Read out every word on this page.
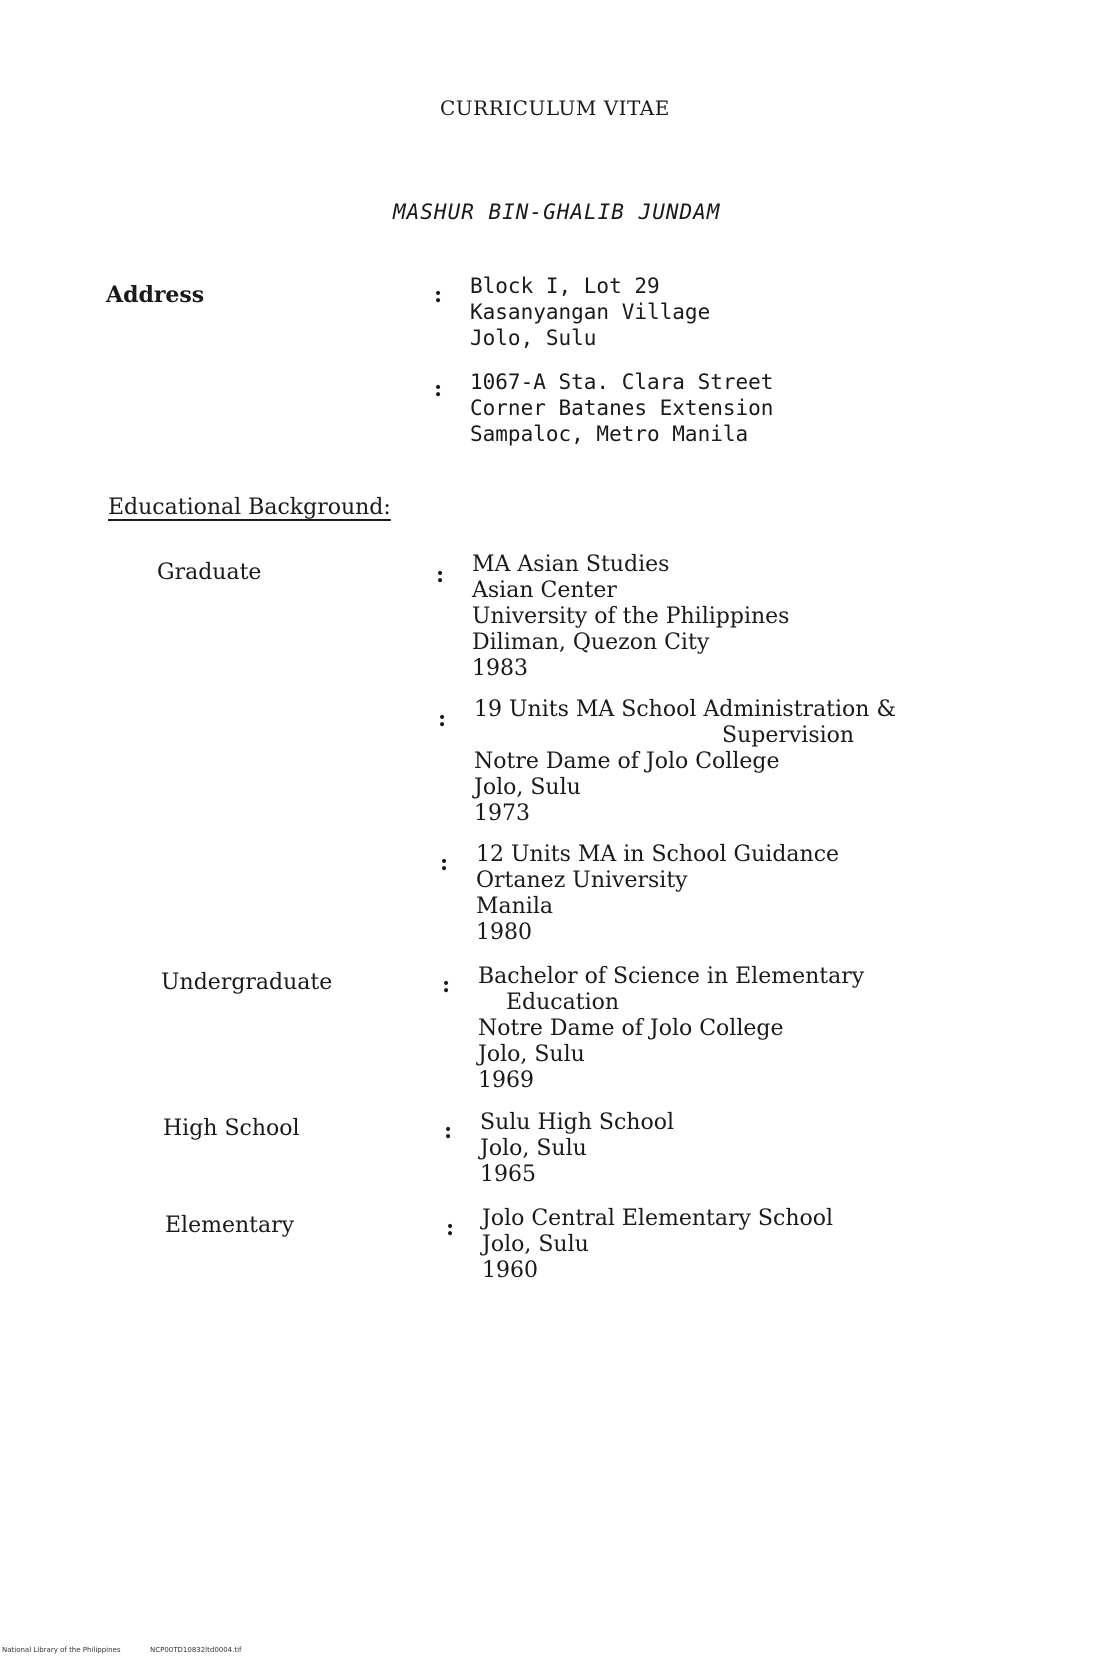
CURRICULUM VITAE
MASHUR BIN-GHALIB JUNDAM
Address	: Block I, Lot 29
Kasanyangan Village
Jolo, Sulu
: 1067-A Sta. Clara Street
Corner Batanes Extension
Sampaloc, Metro Manila
Educational Background:
Graduate	: MA Asian Studies
Asian Center
University of the Philippines
Diliman, Quezon City
1983
: 19 Units MA School Administration &
Supervision
Notre Dame of Jolo College
Jolo, Sulu
1973
: 12 Units MA in School Guidance
Ortanez University
Manila
1980
Undergraduate	: Bachelor of Science in Elementary
Education
Notre Dame of Jolo College
Jolo, Sulu
1969
High School	: Sulu High School
Jolo, Sulu
1965
Elementary	: Jolo Central Elementary School
Jolo, Sulu
1960
National Library of the Philippines	NCP00TD10832ltd0004.tif
